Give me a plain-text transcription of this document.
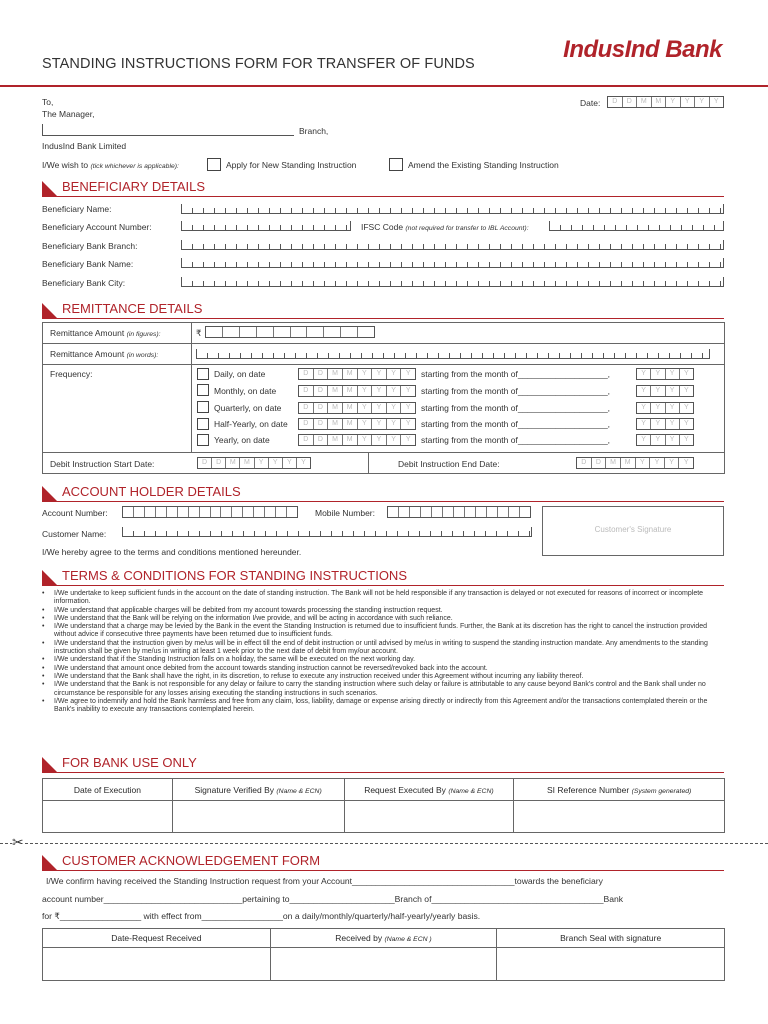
STANDING INSTRUCTIONS FORM FOR TRANSFER OF FUNDS
IndusInd Bank
To,
The Manager,
Branch,
IndusInd Bank Limited
Date:	D	D	M	M	Y	Y	Y	Y
I/We wish to (tick whichever is applicable):	Apply for New Standing Instruction	Amend the Existing Standing Instruction
BENEFICIARY DETAILS
Beneficiary Name:
Beneficiary Account Number:	IFSC Code (not required for transfer to IBL Account):
Beneficiary Bank Branch:
Beneficiary Bank Name:
Beneficiary Bank City:
REMITTANCE DETAILS
Remittance Amount (in figures):	₹
Remittance Amount (in words):
Frequency:	Daily, on date	D	D	M	M	Y	Y	Y	Y	starting from the month of___________________,	Y	Y	Y	Y
Monthly, on date	D	D	M	M	Y	Y	Y	Y	starting from the month of___________________,	Y	Y	Y	Y
Quarterly, on date	D	D	M	M	Y	Y	Y	Y	starting from the month of___________________,	Y	Y	Y	Y
Half-Yearly, on date	D	D	M	M	Y	Y	Y	Y	starting from the month of___________________,	Y	Y	Y	Y
Yearly, on date	D	D	M	M	Y	Y	Y	Y	starting from the month of___________________,	Y	Y	Y	Y
Debit Instruction Start Date:	D	D	M	M	Y	Y	Y	Y	Debit Instruction End Date:	D	D	M	M	Y	Y	Y	Y
ACCOUNT HOLDER DETAILS
Account Number:	Mobile Number:
Customer Name:	Customer's Signature
I/We hereby agree to the terms and conditions mentioned hereunder.
TERMS & CONDITIONS FOR STANDING INSTRUCTIONS
• I/We undertake to keep sufficient funds in the account on the date of standing instruction. The Bank will not be held responsible if any transaction is delayed or not executed for reasons of incorrect or incomplete information.
• I/We understand that applicable charges will be debited from my account towards processing the standing instruction request.
• I/We understand that the Bank will be relying on the information I/we provide, and will be acting in accordance with such reliance.
• I/We understand that a charge may be levied by the Bank in the event the Standing Instruction is returned due to insufficient funds. Further, the Bank at its discretion has the right to cancel the instruction provided without advice if consecutive three payments have been returned due to insufficient funds.
• I/We understand that the instruction given by me/us will be in effect till the end of debit instruction or until advised by me/us in writing to suspend the standing instruction mandate. Any amendments to the standing instruction shall be given by me/us in writing at least 1 week prior to the next date of debit from my/our account.
• I/We understand that if the Standing Instruction falls on a holiday, the same will be executed on the next working day.
• I/We understand that amount once debited from the account towards standing instruction cannot be reversed/revoked back into the account.
• I/We understand that the Bank shall have the right, in its discretion, to refuse to execute any instruction received under this Agreement without incurring any liability thereof.
• I/We understand that the Bank is not responsible for any delay or failure to carry the standing instruction where such delay or failure is attributable to any cause beyond Bank's control and the Bank shall under no circumstance be responsible for any losses arising executing the standing instructions in such scenarios.
• I/We agree to indemnify and hold the Bank harmless and free from any claim, loss, liability, damage or expense arising directly or indirectly from this Agreement and/or the transactions contemplated therein or the Bank's inability to execute any transactions contemplated herein.
FOR BANK USE ONLY
Date of Execution	Signature Verified By (Name & ECN)	Request Executed By (Name & ECN)	SI Reference Number (System generated)

✂
CUSTOMER ACKNOWLEDGEMENT FORM
I/We confirm having received the Standing Instruction request from your Account__________________________________towards the beneficiary
account number_____________________________pertaining to______________________Branch of____________________________________Bank
for ₹_________________ with effect from_________________on a daily/monthly/quarterly/half-yearly/yearly basis.
Date-Request Received	Received by (Name & ECN )	Branch Seal with signature
